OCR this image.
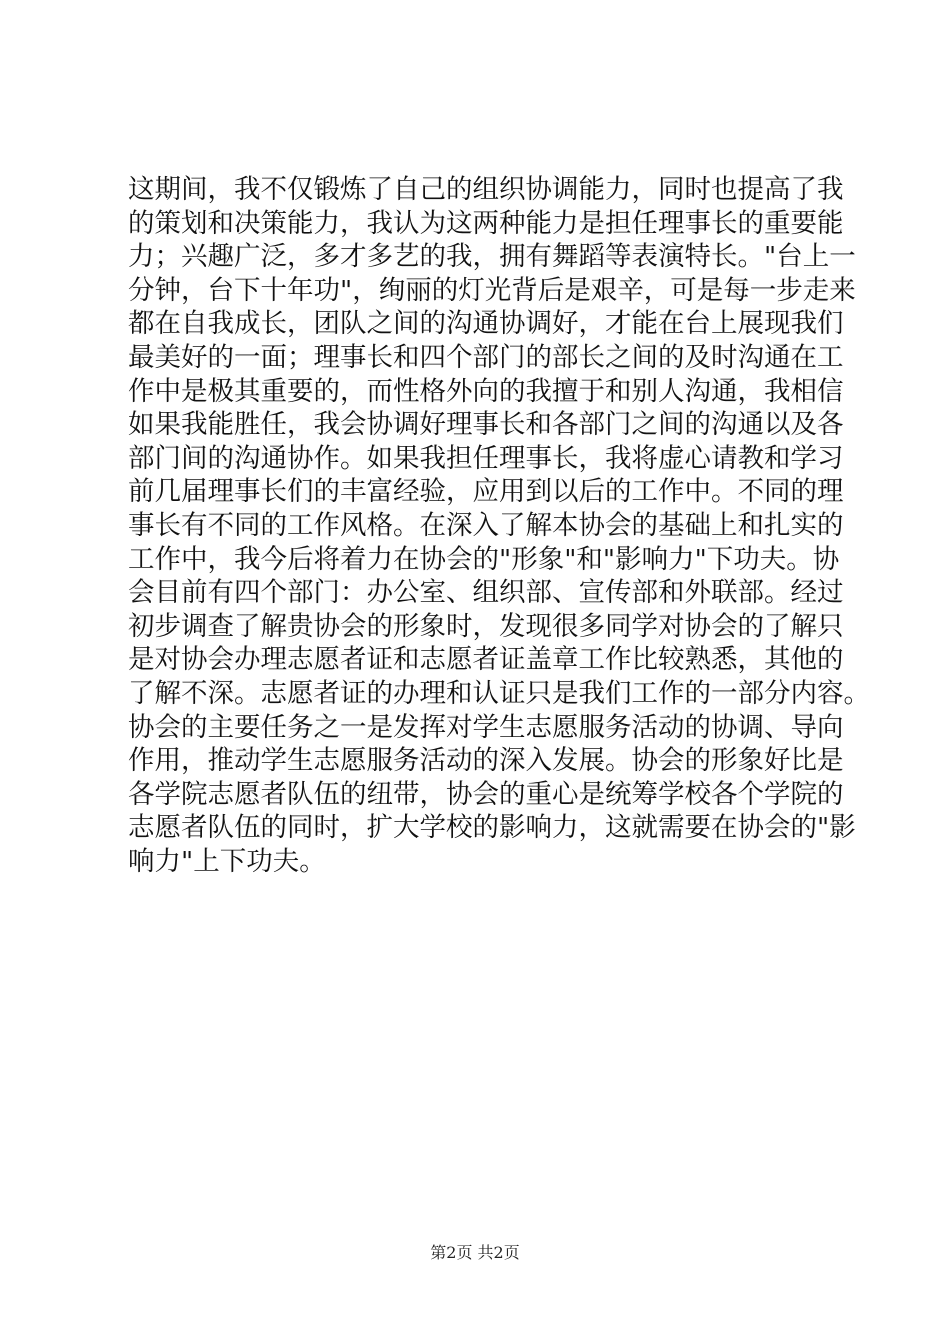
这期间，我不仅锻炼了自己的组织协调能力，同时也提高了我
的策划和决策能力，我认为这两种能力是担任理事长的重要能
力；兴趣广泛，多才多艺的我，拥有舞蹈等表演特长。"台上一
分钟，台下十年功"，绚丽的灯光背后是艰辛，可是每一步走来
都在自我成长，团队之间的沟通协调好，才能在台上展现我们
最美好的一面；理事长和四个部门的部长之间的及时沟通在工
作中是极其重要的，而性格外向的我擅于和别人沟通，我相信
如果我能胜任，我会协调好理事长和各部门之间的沟通以及各
部门间的沟通协作。如果我担任理事长，我将虚心请教和学习
前几届理事长们的丰富经验，应用到以后的工作中。不同的理
事长有不同的工作风格。在深入了解本协会的基础上和扎实的
工作中，我今后将着力在协会的"形象"和"影响力"下功夫。协
会目前有四个部门：办公室、组织部、宣传部和外联部。经过
初步调查了解贵协会的形象时，发现很多同学对协会的了解只
是对协会办理志愿者证和志愿者证盖章工作比较熟悉，其他的
了解不深。志愿者证的办理和认证只是我们工作的一部分内容。
协会的主要任务之一是发挥对学生志愿服务活动的协调、导向
作用，推动学生志愿服务活动的深入发展。协会的形象好比是
各学院志愿者队伍的纽带，协会的重心是统筹学校各个学院的
志愿者队伍的同时，扩大学校的影响力，这就需要在协会的"影
响力"上下功夫。
第2页 共2页
